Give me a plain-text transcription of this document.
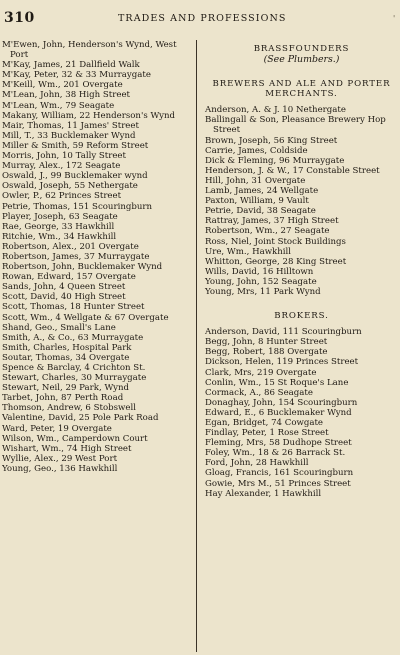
310	TRADES AND PROFESSIONS	'
M'Ewen, John, Henderson's Wynd, West Port
M'Kay, James, 21 Dallfield Walk
M'Kay, Peter, 32 & 33 Murraygate
M'Keill, Wm., 201 Overgate
M'Lean, John, 38 High Street
M'Lean, Wm., 79 Seagate
Makany, William, 22 Henderson's Wynd
Mair, Thomas, 11 James' Street
Mill, T., 33 Bucklemaker Wynd
Miller & Smith, 59 Reform Street
Morris, John, 10 Tally Street
Murray, Alex., 172 Seagate
Oswald, J., 99 Bucklemaker wynd
Oswald, Joseph, 55 Nethergate
Owler, P., 62 Princes Street
Petrie, Thomas, 151 Scouringburn
Player, Joseph, 63 Seagate
Rae, George, 33 Hawkhill
Ritchie, Wm., 34 Hawkhill
Robertson, Alex., 201 Overgate
Robertson, James, 37 Murraygate
Robertson, John, Bucklemaker Wynd
Rowan, Edward, 157 Overgate
Sands, John, 4 Queen Street
Scott, David, 40 High Street
Scott, Thomas, 18 Hunter Street
Scott, Wm., 4 Wellgate & 67 Overgate
Shand, Geo., Small's Lane
Smith, A., & Co., 63 Murraygate
Smith, Charles, Hospital Park
Soutar, Thomas, 34 Overgate
Spence & Barclay, 4 Crichton St.
Stewart, Charles, 30 Murraygate
Stewart, Neil, 29 Park, Wynd
Tarbet, John, 87 Perth Road
Thomson, Andrew, 6 Stobswell
Valentine, David, 25 Pole Park Road
Ward, Peter, 19 Overgate
Wilson, Wm., Camperdown Court
Wishart, Wm., 74 High Street
Wyllie, Alex., 29 West Port
Young, Geo., 136 Hawkhill
BRASSFOUNDERS
(See Plumbers.)
BREWERS AND ALE AND PORTER
MERCHANTS.
Anderson, A. & J. 10 Nethergate
Ballingall & Son, Pleasance Brewery Hop Street
Brown, Joseph, 56 King Street
Carrie, James, Coldside
Dick & Fleming, 96 Murraygate
Henderson, J. & W., 17 Constable Street
Hill, John, 31 Overgate
Lamb, James, 24 Wellgate
Paxton, William, 9 Vault
Petrie, David, 38 Seagate
Rattray, James, 37 High Street
Robertson, Wm., 27 Seagate
Ross, Niel, Joint Stock Buildings
Ure, Wm., Hawkhill
Whitton, George, 28 King Street
Wills, David, 16 Hilltown
Young, John, 152 Seagate
Young, Mrs, 11 Park Wynd
BROKERS.
Anderson, David, 111 Scouringburn
Begg, John, 8 Hunter Street
Begg, Robert, 188 Overgate
Dickson, Helen, 119 Princes Street
Clark, Mrs, 219 Overgate
Conlin, Wm., 15 St Roque's Lane
Cormack, A., 86 Seagate
Donaghay, John, 154 Scouringburn
Edward, E., 6 Bucklemaker Wynd
Egan, Bridget, 74 Cowgate
Findlay, Peter, 1 Rose Street
Fleming, Mrs, 58 Dudhope Street
Foley, Wm., 18 & 26 Barrack St.
Ford, John, 28 Hawkhill
Gloag, Francis, 161 Scouringburn
Gowie, Mrs M., 51 Princes Street
Hay Alexander, 1 Hawkhill
